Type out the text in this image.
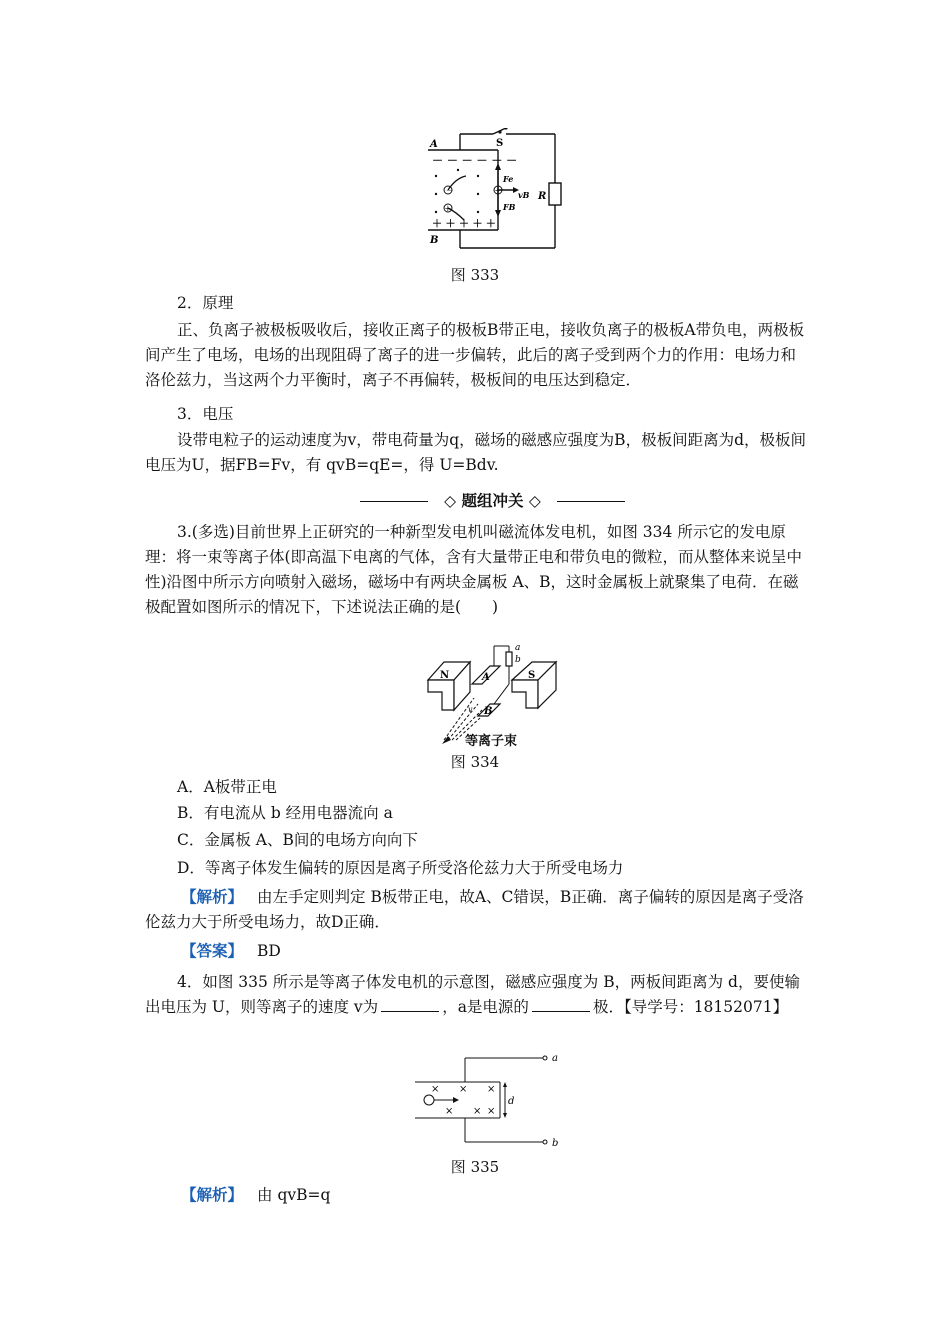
A
B
S
R
Fe
FB
vB
－ － － － － －
＋ ＋ ＋ ＋ ＋
－
+
+
图 333

2．原理

正、负离子被极板吸收后，接收正离子的极板B带正电，接收负离子的极板A带负电，两极板间产生了电场，电场的出现阻碍了离子的进一步偏转，此后的离子受到两个力的作用：电场力和洛伦兹力，当这两个力平衡时，离子不再偏转，极板间的电压达到稳定．

3．电压

设带电粒子的运动速度为v，带电荷量为q，磁场的磁感应强度为B，极板间距离为d，极板间电压为U，据FB=Fv，有 qvB=qE=，得 U=Bdv.

◇ 题组冲关 ◇

3.(多选)目前世界上正研究的一种新型发电机叫磁流体发电机，如图 334 所示它的发电原理：将一束等离子体(即高温下电离的气体，含有大量带正电和带负电的微粒，而从整体来说呈中性)沿图中所示方向喷射入磁场，磁场中有两块金属板 A、B，这时金属板上就聚集了电荷．在磁极配置如图所示的情况下，下述说法正确的是(　　)

N	S
A
B
a
b
v
等离子束
图 334

A．A板带正电

B．有电流从 b 经用电器流向 a

C．金属板 A、B间的电场方向向下

D．等离子体发生偏转的原因是离子所受洛伦兹力大于所受电场力

【解析】 由左手定则判定 B板带正电，故A、C错误，B正确．离子偏转的原因是离子受洛伦兹力大于所受电场力，故D正确．

【答案】 BD

4．如图 335 所示是等离子体发电机的示意图，磁感应强度为 B，两板间距离为 d，要使输出电压为 U，则等离子的速度 v为	，a是电源的	极．【导学号：18152071】

× × ×
× × ×
d
a
b
图 335

【解析】 由 qvB=q
